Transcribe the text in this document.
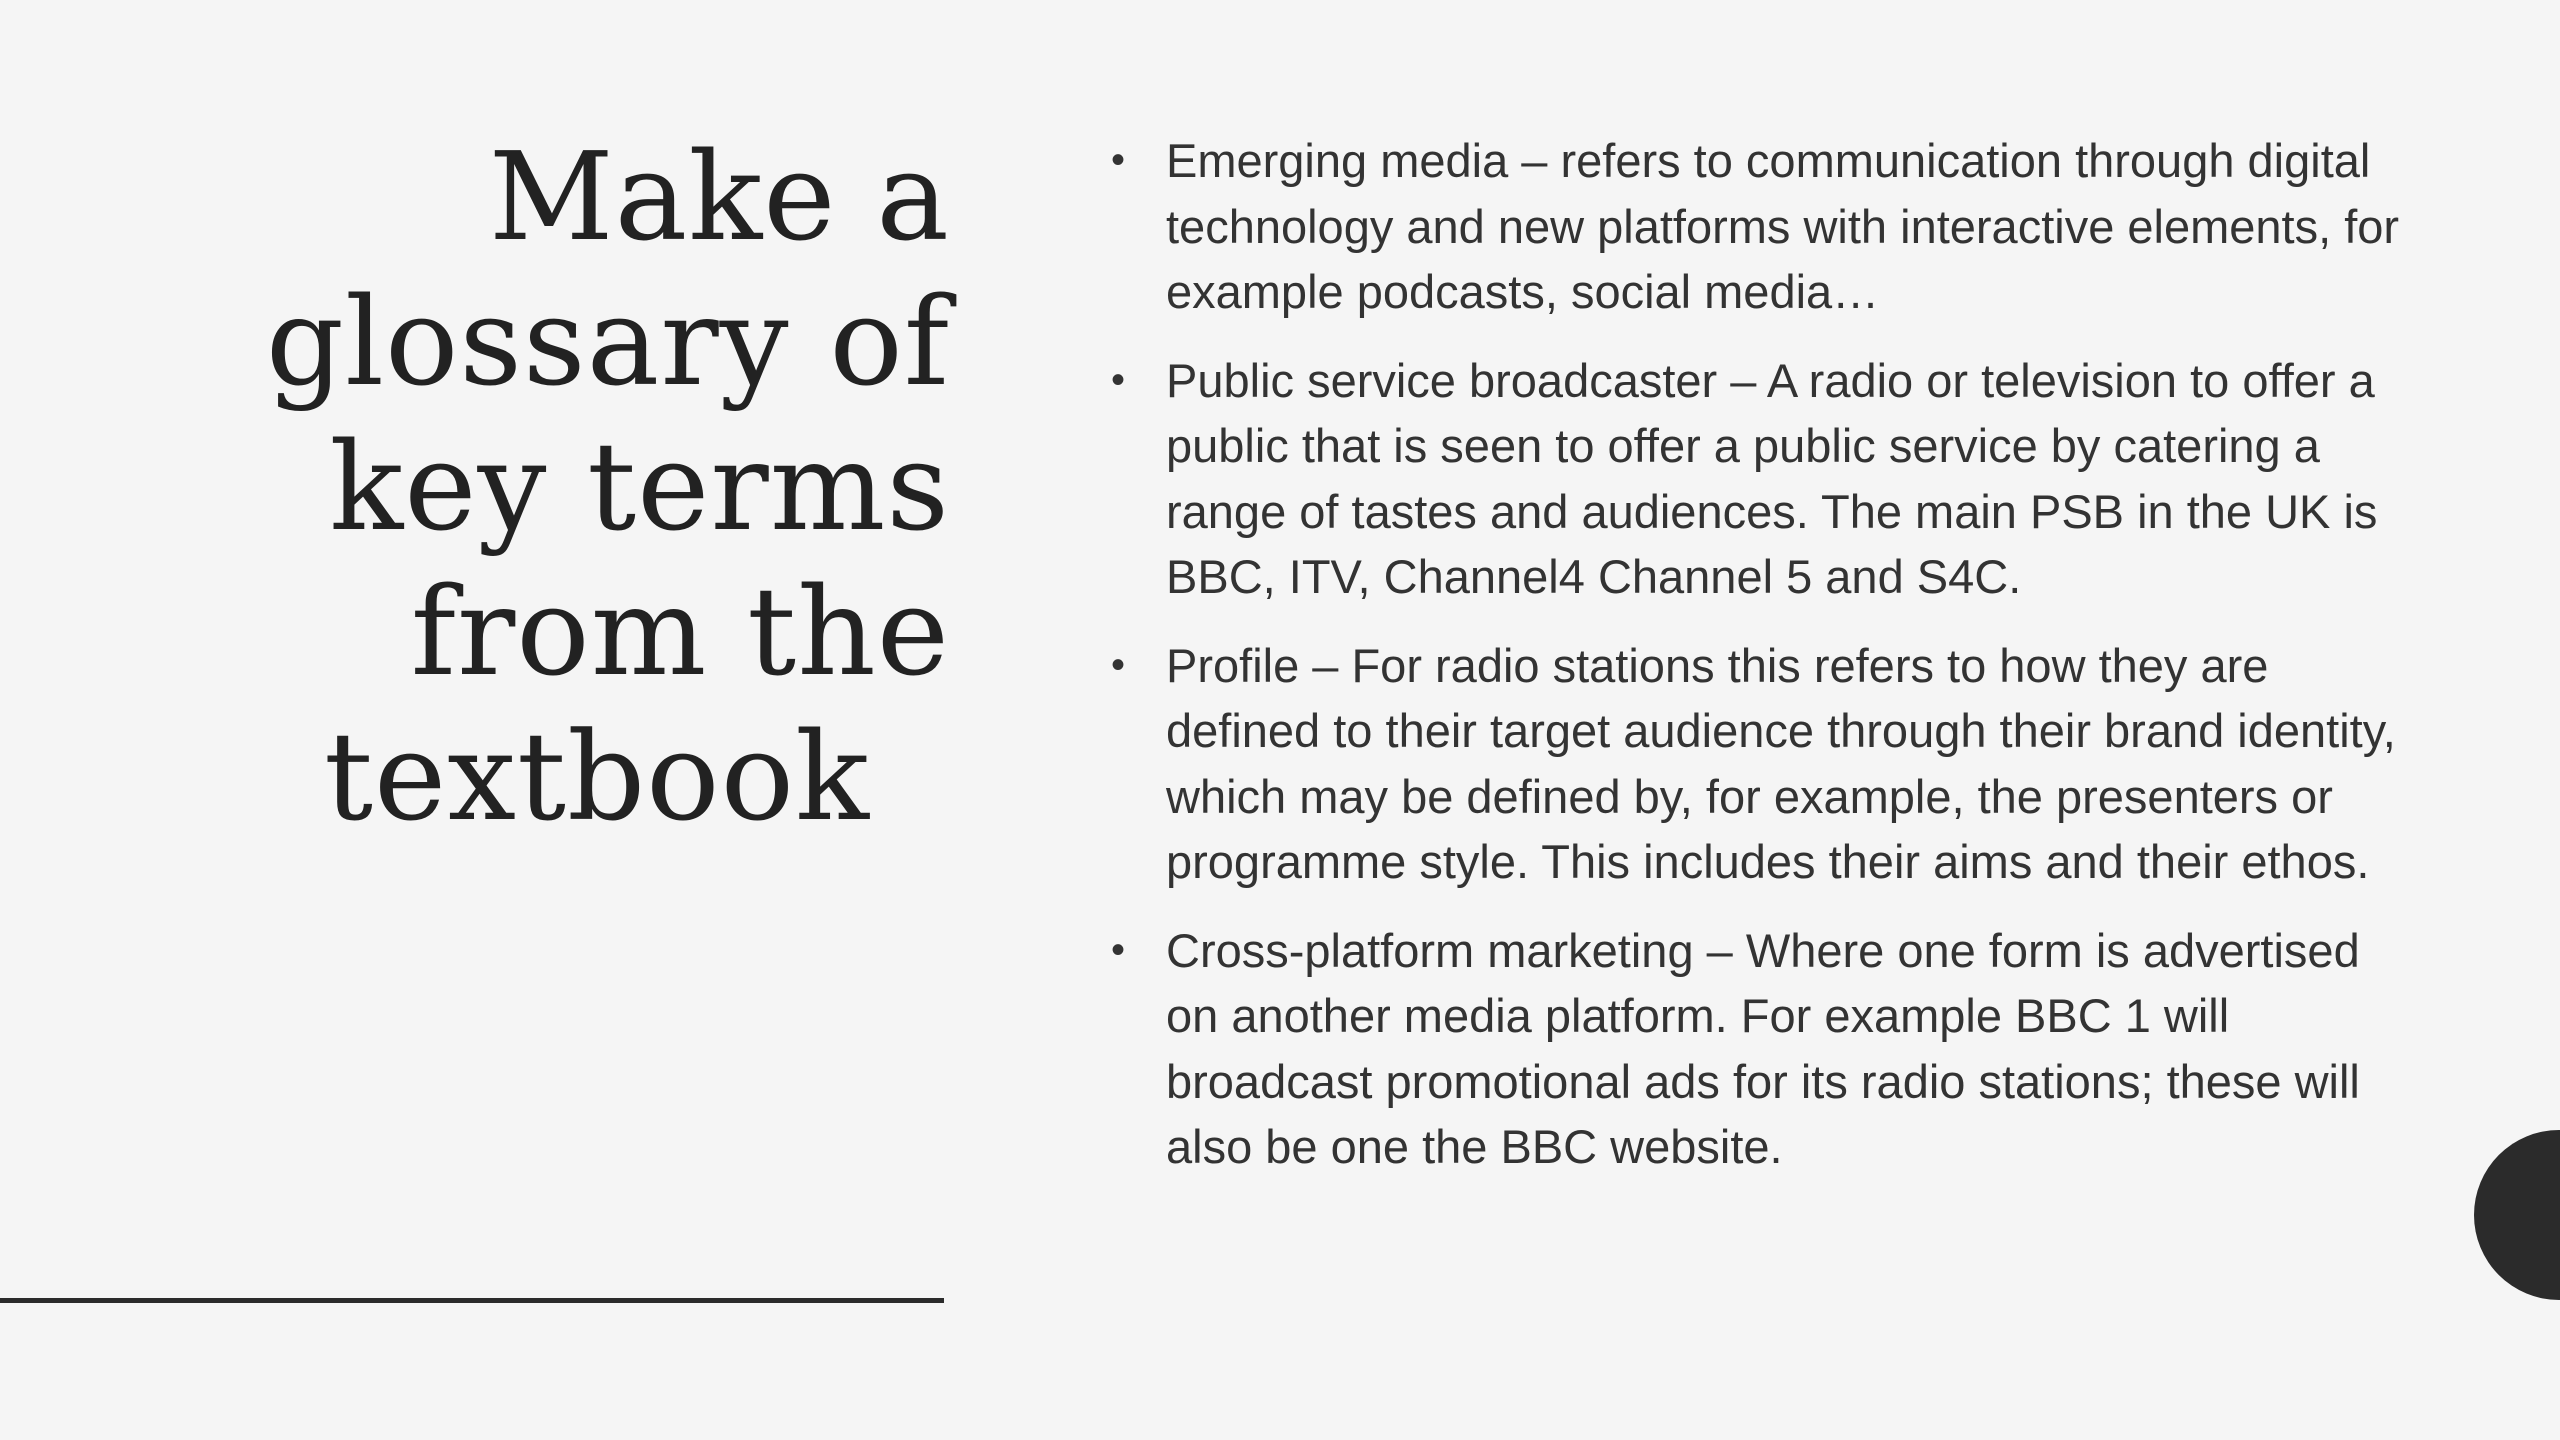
Make a
glossary of
key terms
from the
textbook
• Emerging media – refers to communication through digital technology and new platforms with interactive elements, for example podcasts, social media…
• Public service broadcaster – A radio or television to offer a public that is seen to offer a public service by catering a range of tastes and audiences. The main PSB in the UK is BBC, ITV, Channel4 Channel 5 and S4C.
• Profile – For radio stations this refers to how they are defined to their target audience through their brand identity, which may be defined by, for example, the presenters or programme style. This includes their aims and their ethos.
• Cross-platform marketing – Where one form is advertised on another media platform. For example BBC 1 will broadcast promotional ads for its radio stations; these will also be one the BBC website.
